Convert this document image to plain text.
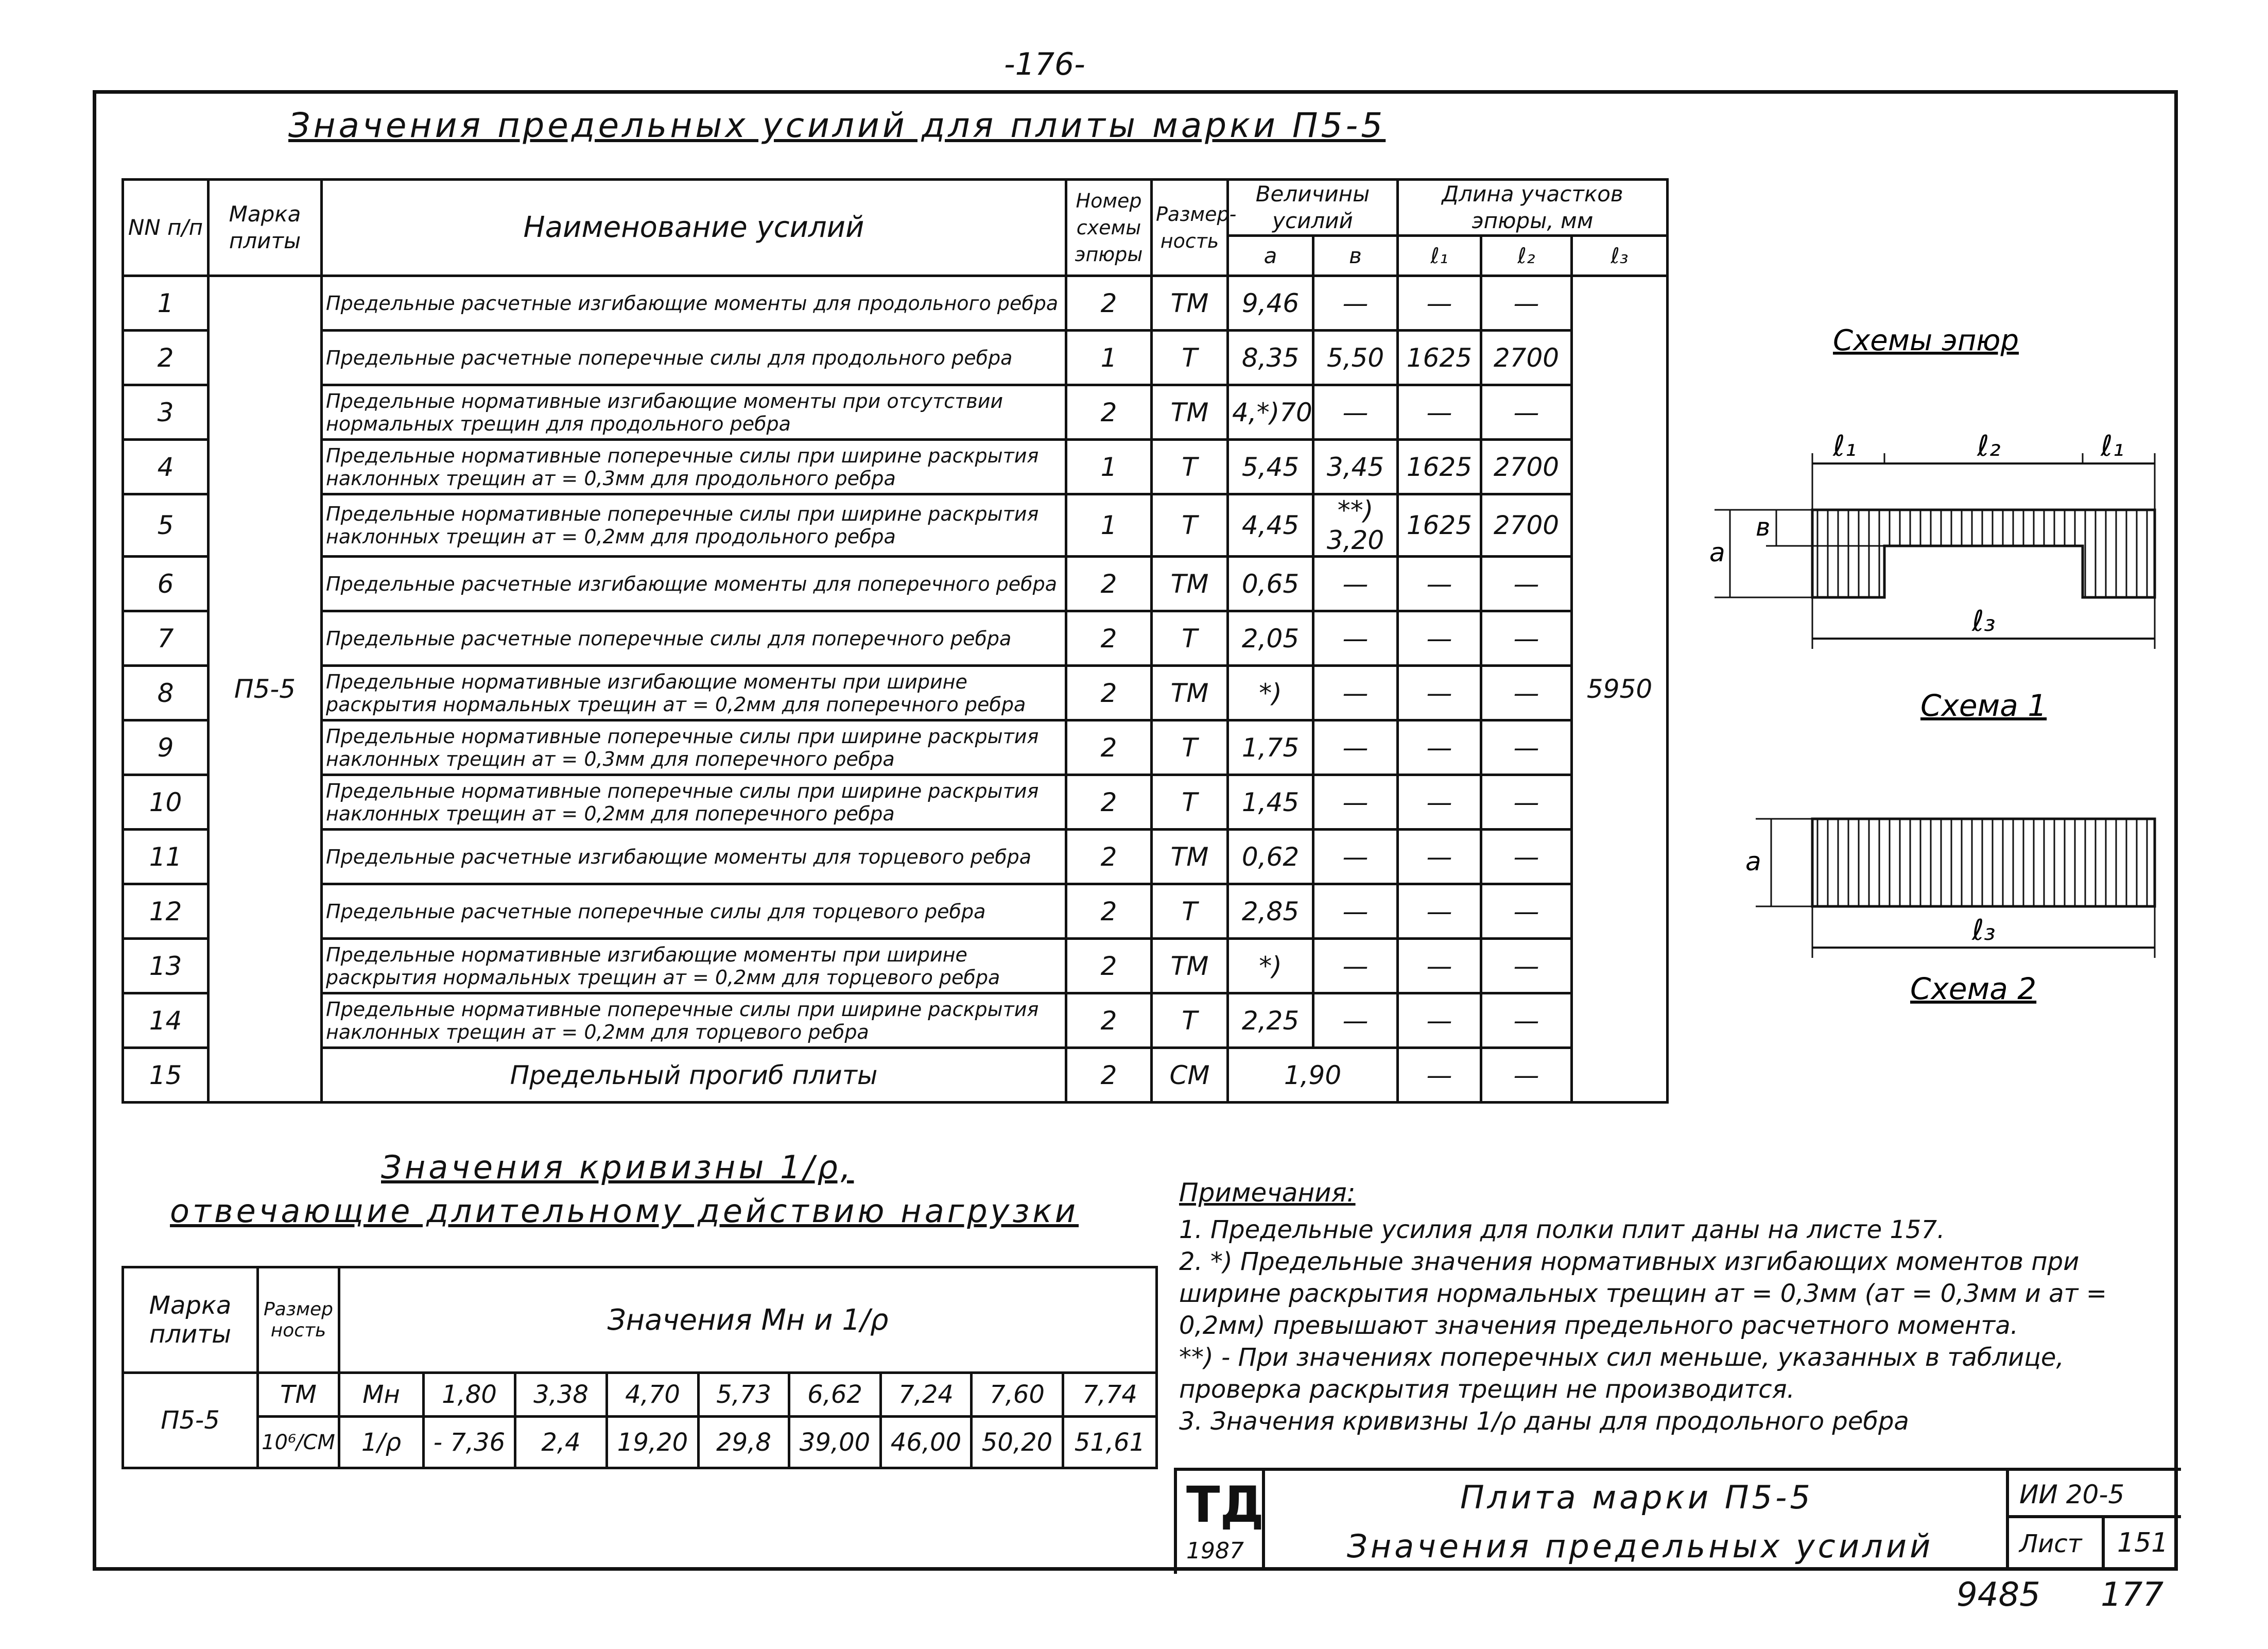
-176-
Значения предельных усилий для плиты марки П5-5
NN п/п	Марка плиты	Наименование усилий	Номер схемы эпюры	Размер-ность	Величины усилий		Длина участков эпюры, мм		
					a	в	ℓ₁	ℓ₂	ℓ₃
1	П5-5	Предельные расчетные изгибающие моменты для продольного ребра	2	ТМ	9,46	—	—	—	5950
2		Предельные расчетные поперечные силы для продольного ребра	1	Т	8,35	5,50	1625	2700	
3		Предельные нормативные изгибающие моменты при отсутствии нормальных трещин для продольного ребра	2	ТМ	4,*)70	—	—	—	
4		Предельные нормативные поперечные силы при ширине раскрытия наклонных трещин aт = 0,3мм для продольного ребра	1	Т	5,45	3,45	1625	2700	
5		Предельные нормативные поперечные силы при ширине раскрытия наклонных трещин aт = 0,2мм для продольного ребра	1	Т	4,45	**) 3,20	1625	2700	
6		Предельные расчетные изгибающие моменты для поперечного ребра	2	ТМ	0,65	—	—	—	
7		Предельные расчетные поперечные силы для поперечного ребра	2	Т	2,05	—	—	—	
8		Предельные нормативные изгибающие моменты при ширине раскрытия нормальных трещин aт = 0,2мм для поперечного ребра	2	ТМ	*)	—	—	—	
9		Предельные нормативные поперечные силы при ширине раскрытия наклонных трещин aт = 0,3мм для поперечного ребра	2	Т	1,75	—	—	—	
10		Предельные нормативные поперечные силы при ширине раскрытия наклонных трещин aт = 0,2мм для поперечного ребра	2	Т	1,45	—	—	—	
11		Предельные расчетные изгибающие моменты для торцевого ребра	2	ТМ	0,62	—	—	—	
12		Предельные расчетные поперечные силы для торцевого ребра	2	Т	2,85	—	—	—	
13		Предельные нормативные изгибающие моменты при ширине раскрытия нормальных трещин aт = 0,2мм для торцевого ребра	2	ТМ	*)	—	—	—	
14		Предельные нормативные поперечные силы при ширине раскрытия наклонных трещин aт = 0,2мм для торцевого ребра	2	Т	2,25	—	—	—	
15		Предельный прогиб плиты	2	СМ	1,90		—	—	
Схемы эпюр
ℓ₁	ℓ₂	ℓ₁
a
в
ℓ₃
Схема 1
a
ℓ₃
Схема 2
Значения кривизны 1/ρ,
отвечающие длительному действию нагрузки
Марка плиты	Размер ность	Значения Mн и 1/ρ								
П5-5	ТМ	Mн	1,80	3,38	4,70	5,73	6,62	7,24	7,60	7,74
	10⁶/СМ	1/ρ	- 7,36	2,4	19,20	29,8	39,00	46,00	50,20	51,61
Примечания:
1. Предельные усилия для полки плит даны на листе 157.
2. *) Предельные значения нормативных изгибающих моментов при ширине раскрытия нормальных трещин aт = 0,3мм (aт = 0,3мм и aт = 0,2мм) превышают значения предельного расчетного момента.
**) - При значениях поперечных сил меньше, указанных в таблице, проверка раскрытия трещин не производится.
3. Значения кривизны 1/ρ даны для продольного ребра
ТД
1987
Плита марки П5-5
Значения предельных усилий
ИИ 20-5
Лист 151
9485 177
